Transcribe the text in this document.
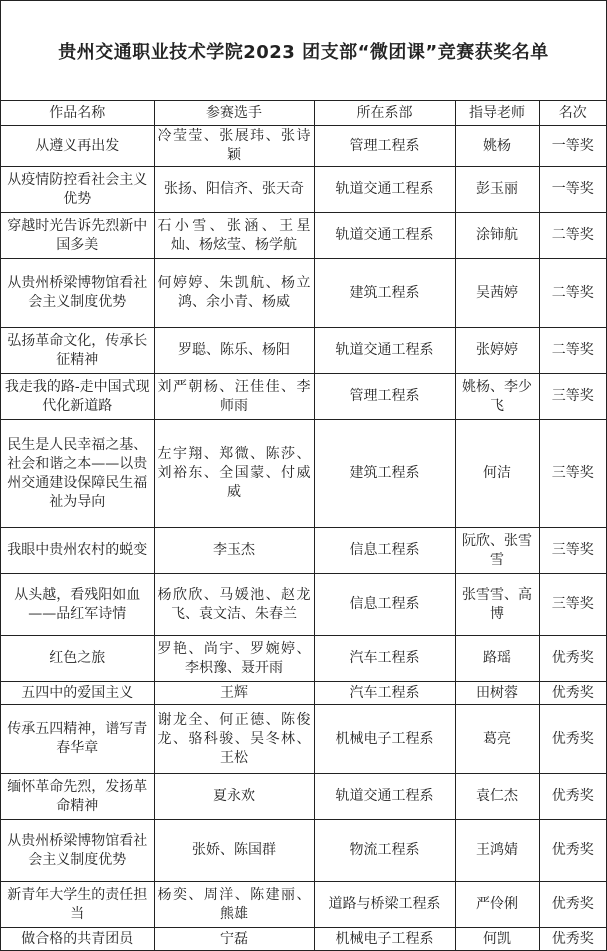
贵州交通职业技术学院2023 团支部“微团课”竞赛获奖名单
作品名称	参赛选手	所在系部	指导老师	名次
从遵义再出发	冷莹莹、张展玮、张诗颖	管理工程系	姚杨	一等奖
从疫情防控看社会主义优势	张扬、阳信齐、张天奇	轨道交通工程系	彭玉丽	一等奖
穿越时光告诉先烈新中国多美	石小雪、张涵、王星灿、杨炫莹、杨学航	轨道交通工程系	涂铈航	二等奖
从贵州桥梁博物馆看社会主义制度优势	何婷婷、朱凯航、杨立鸿、余小青、杨威	建筑工程系	吴茜婷	二等奖
弘扬革命文化，传承长征精神	罗聪、陈乐、杨阳	轨道交通工程系	张婷婷	二等奖
我走我的路-走中国式现代化新道路	刘严朝杨、汪佳佳、李师雨	管理工程系	姚杨、李少飞	三等奖
民生是人民幸福之基、社会和谐之本——以贵州交通建设保障民生福祉为导向	左宇翔、郑微、陈莎、刘裕东、全国蒙、付威威	建筑工程系	何洁	三等奖
我眼中贵州农村的蜕变	李玉杰	信息工程系	阮欣、张雪雪	三等奖
从头越，看残阳如血——品红军诗情	杨欣欣、马媛池、赵龙飞、袁文洁、朱春兰	信息工程系	张雪雪、高博	三等奖
红色之旅	罗艳、尚宇、罗婉婷、李枳豫、聂开雨	汽车工程系	路瑶	优秀奖
五四中的爱国主义	王辉	汽车工程系	田树蓉	优秀奖
传承五四精神，谱写青春华章	谢龙全、何正德、陈俊龙、骆科骏、吴冬林、王松	机械电子工程系	葛亮	优秀奖
缅怀革命先烈，发扬革命精神	夏永欢	轨道交通工程系	袁仁杰	优秀奖
从贵州桥梁博物馆看社会主义制度优势	张娇、陈国群	物流工程系	王鸿婧	优秀奖
新青年大学生的责任担当	杨奕、周洋、陈建丽、熊雄	道路与桥梁工程系	严伶俐	优秀奖
做合格的共青团员	宁磊	机械电子工程系	何凯	优秀奖
